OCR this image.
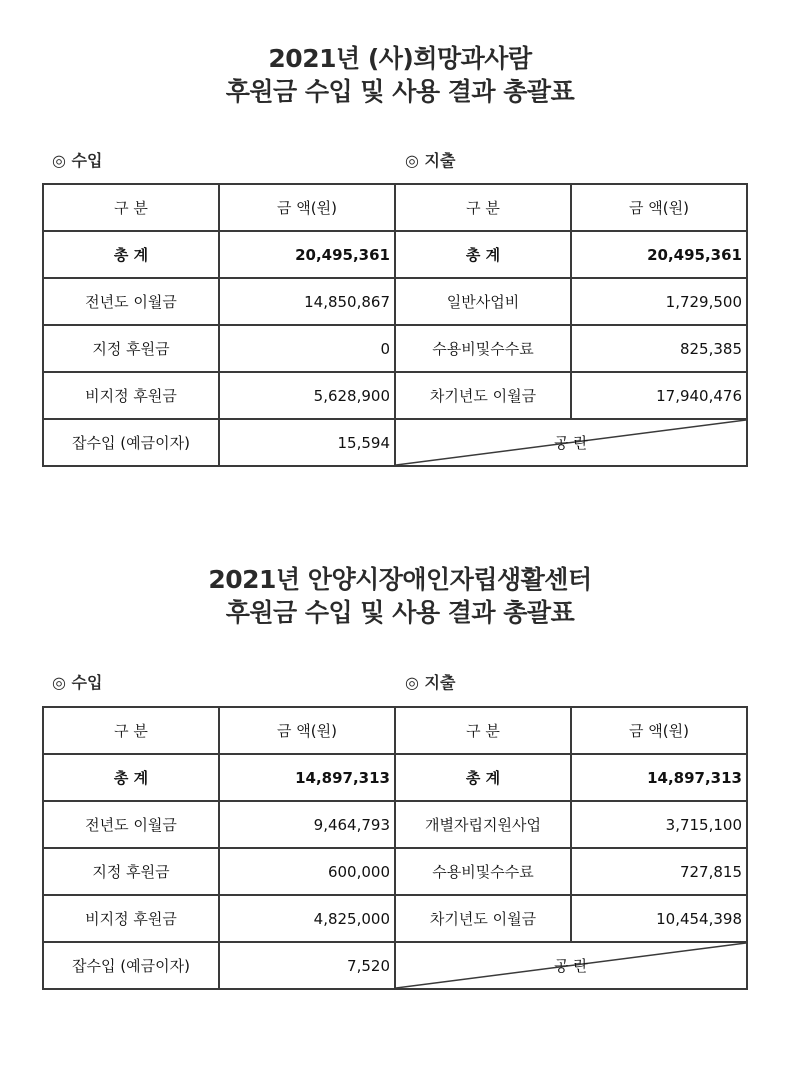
2021년 (사)희망과사람
후원금 수입 및 사용 결과 총괄표
◎ 수입	◎ 지출
구 분	금 액(원)	구 분	금 액(원)
총 계	20,495,361	총 계	20,495,361
전년도 이월금	14,850,867	일반사업비	1,729,500
지정 후원금	0	수용비및수수료	825,385
비지정 후원금	5,628,900	차기년도 이월금	17,940,476
잡수입 (예금이자)	15,594	공 란	
2021년 안양시장애인자립생활센터
후원금 수입 및 사용 결과 총괄표
◎ 수입	◎ 지출
구 분	금 액(원)	구 분	금 액(원)
총 계	14,897,313	총 계	14,897,313
전년도 이월금	9,464,793	개별자립지원사업	3,715,100
지정 후원금	600,000	수용비및수수료	727,815
비지정 후원금	4,825,000	차기년도 이월금	10,454,398
잡수입 (예금이자)	7,520	공 란	
